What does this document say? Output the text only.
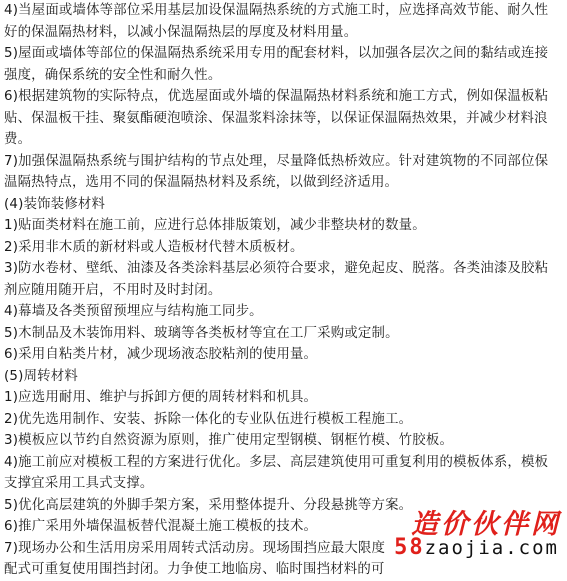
4)当屋面或墙体等部位采用基层加设保温隔热系统的方式施工时，应选择高效节能、耐久性
好的保温隔热材料，以减小保温隔热层的厚度及材料用量。
5)屋面或墙体等部位的保温隔热系统采用专用的配套材料，以加强各层次之间的黏结或连接
强度，确保系统的安全性和耐久性。
6)根据建筑物的实际特点，优选屋面或外墙的保温隔热材料系统和施工方式，例如保温板粘
贴、保温板干挂、聚氨酯硬泡喷涂、保温浆料涂抹等，以保证保温隔热效果，并减少材料浪
费。
7)加强保温隔热系统与围护结构的节点处理，尽量降低热桥效应。针对建筑物的不同部位保
温隔热特点，选用不同的保温隔热材料及系统，以做到经济适用。
(4)装饰装修材料
1)贴面类材料在施工前，应进行总体排版策划，减少非整块材的数量。
2)采用非木质的新材料或人造板材代替木质板材。
3)防水卷材、壁纸、油漆及各类涂料基层必须符合要求，避免起皮、脱落。各类油漆及胶粘
剂应随用随开启，不用时及时封闭。
4)幕墙及各类预留预埋应与结构施工同步。
5)木制品及木装饰用料、玻璃等各类板材等宜在工厂采购或定制。
6)采用自粘类片材，减少现场液态胶粘剂的使用量。
(5)周转材料
1)应选用耐用、维护与拆卸方便的周转材料和机具。
2)优先选用制作、安装、拆除一体化的专业队伍进行模板工程施工。
3)模板应以节约自然资源为原则，推广使用定型钢模、钢框竹模、竹胶板。
4)施工前应对模板工程的方案进行优化。多层、高层建筑使用可重复利用的模板体系，模板
支撑宜采用工具式支撑。
5)优化高层建筑的外脚手架方案，采用整体提升、分段悬挑等方案。
6)推广采用外墙保温板替代混凝土施工模板的技术。
7)现场办公和生活用房采用周转式活动房。现场围挡应最大限度
配式可重复使用围挡封闭。力争使工地临房、临时围挡材料的可
造价伙伴网
58zaojia.com
